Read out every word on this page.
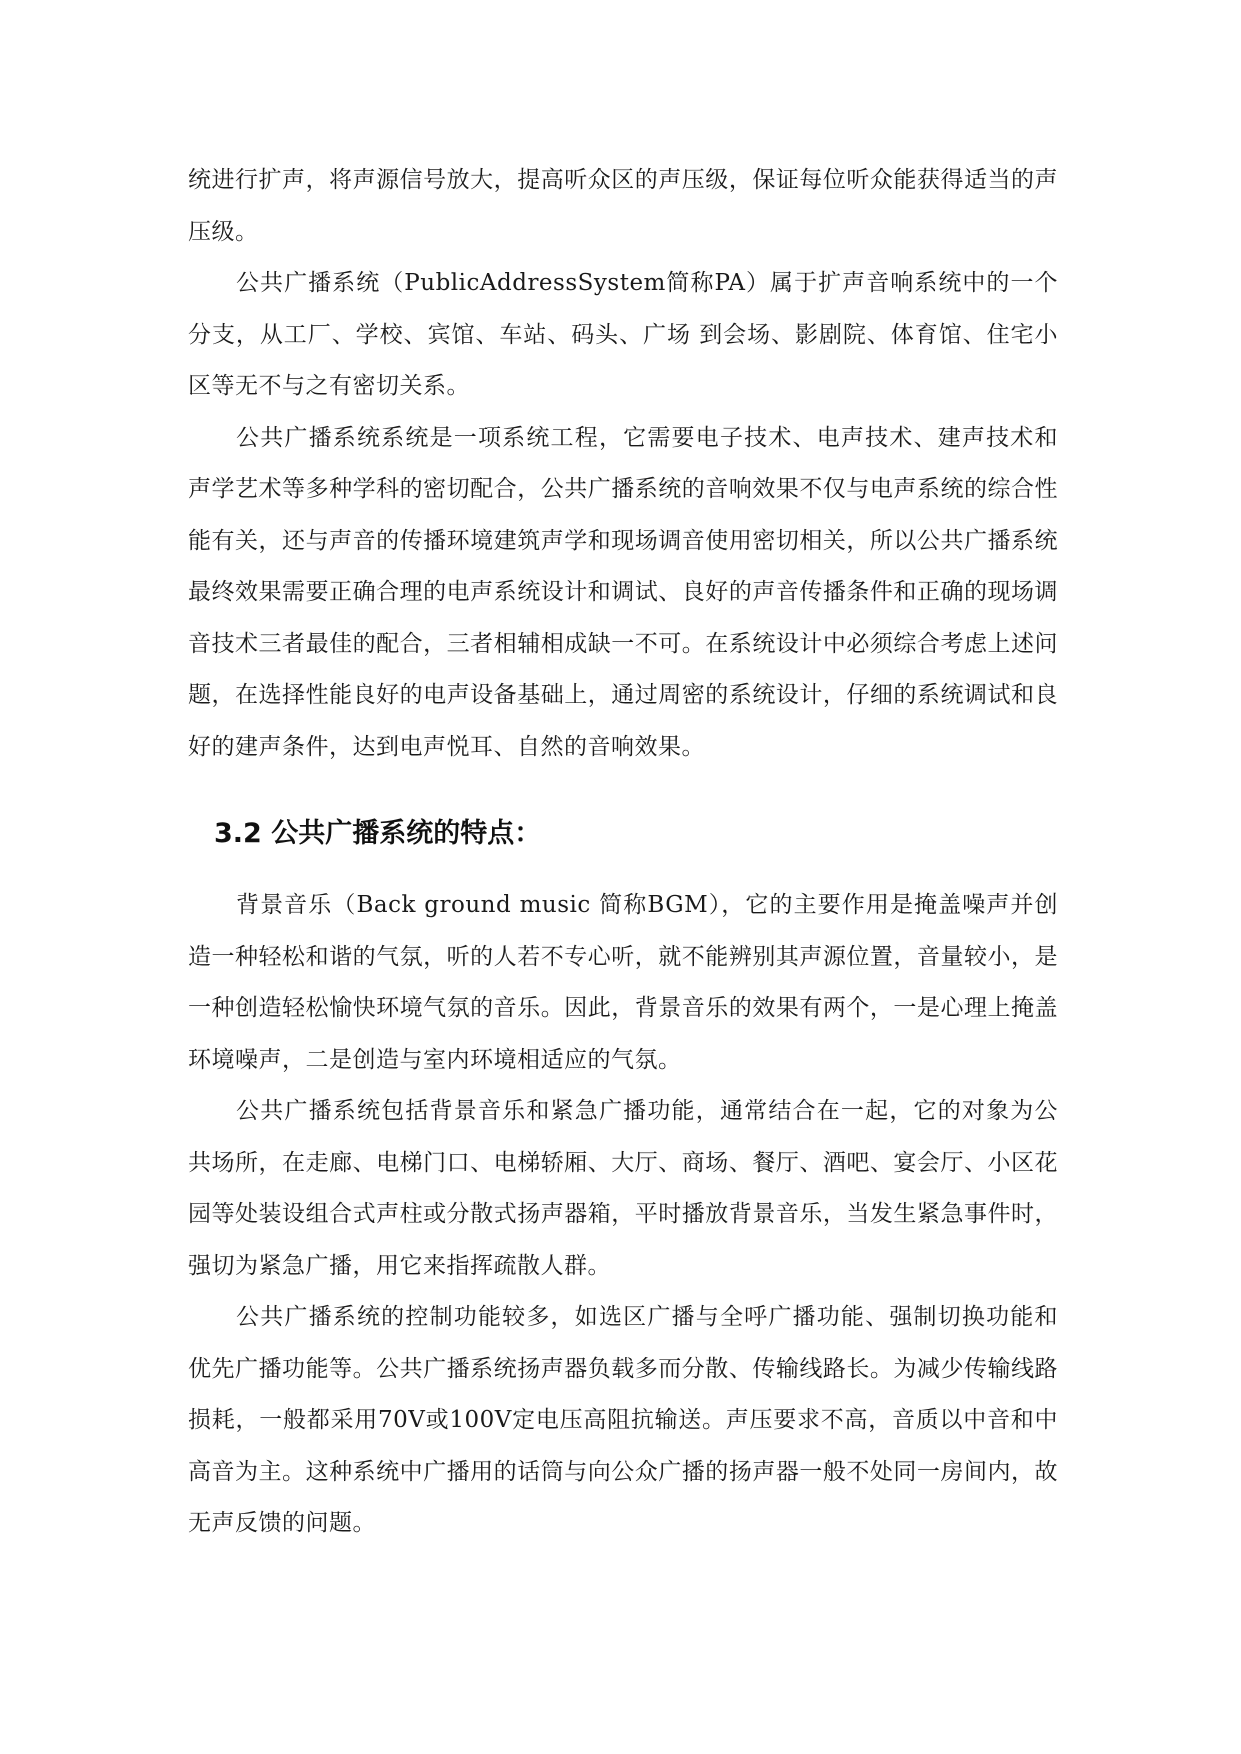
统进行扩声，将声源信号放大，提高听众区的声压级，保证每位听众能获得适当的声压级。

公共广播系统（PublicAddressSystem简称PA）属于扩声音响系统中的一个分支，从工厂、学校、宾馆、车站、码头、广场 到会场、影剧院、体育馆、住宅小区等无不与之有密切关系。

公共广播系统系统是一项系统工程，它需要电子技术、电声技术、建声技术和声学艺术等多种学科的密切配合，公共广播系统的音响效果不仅与电声系统的综合性能有关，还与声音的传播环境建筑声学和现场调音使用密切相关，所以公共广播系统最终效果需要正确合理的电声系统设计和调试、良好的声音传播条件和正确的现场调音技术三者最佳的配合，三者相辅相成缺一不可。在系统设计中必须综合考虑上述问题，在选择性能良好的电声设备基础上，通过周密的系统设计，仔细的系统调试和良好的建声条件，达到电声悦耳、自然的音响效果。

3.2 公共广播系统的特点：

背景音乐（Back ground music 简称BGM），它的主要作用是掩盖噪声并创造一种轻松和谐的气氛，听的人若不专心听，就不能辨别其声源位置，音量较小，是一种创造轻松愉快环境气氛的音乐。因此，背景音乐的效果有两个，一是心理上掩盖环境噪声，二是创造与室内环境相适应的气氛。

公共广播系统包括背景音乐和紧急广播功能，通常结合在一起，它的对象为公共场所，在走廊、电梯门口、电梯轿厢、大厅、商场、餐厅、酒吧、宴会厅、小区花园等处装设组合式声柱或分散式扬声器箱，平时播放背景音乐，当发生紧急事件时，强切为紧急广播，用它来指挥疏散人群。

公共广播系统的控制功能较多，如选区广播与全呼广播功能、强制切换功能和优先广播功能等。公共广播系统扬声器负载多而分散、传输线路长。为减少传输线路损耗，一般都采用70V或100V定电压高阻抗输送。声压要求不高，音质以中音和中高音为主。这种系统中广播用的话筒与向公众广播的扬声器一般不处同一房间内，故无声反馈的问题。
